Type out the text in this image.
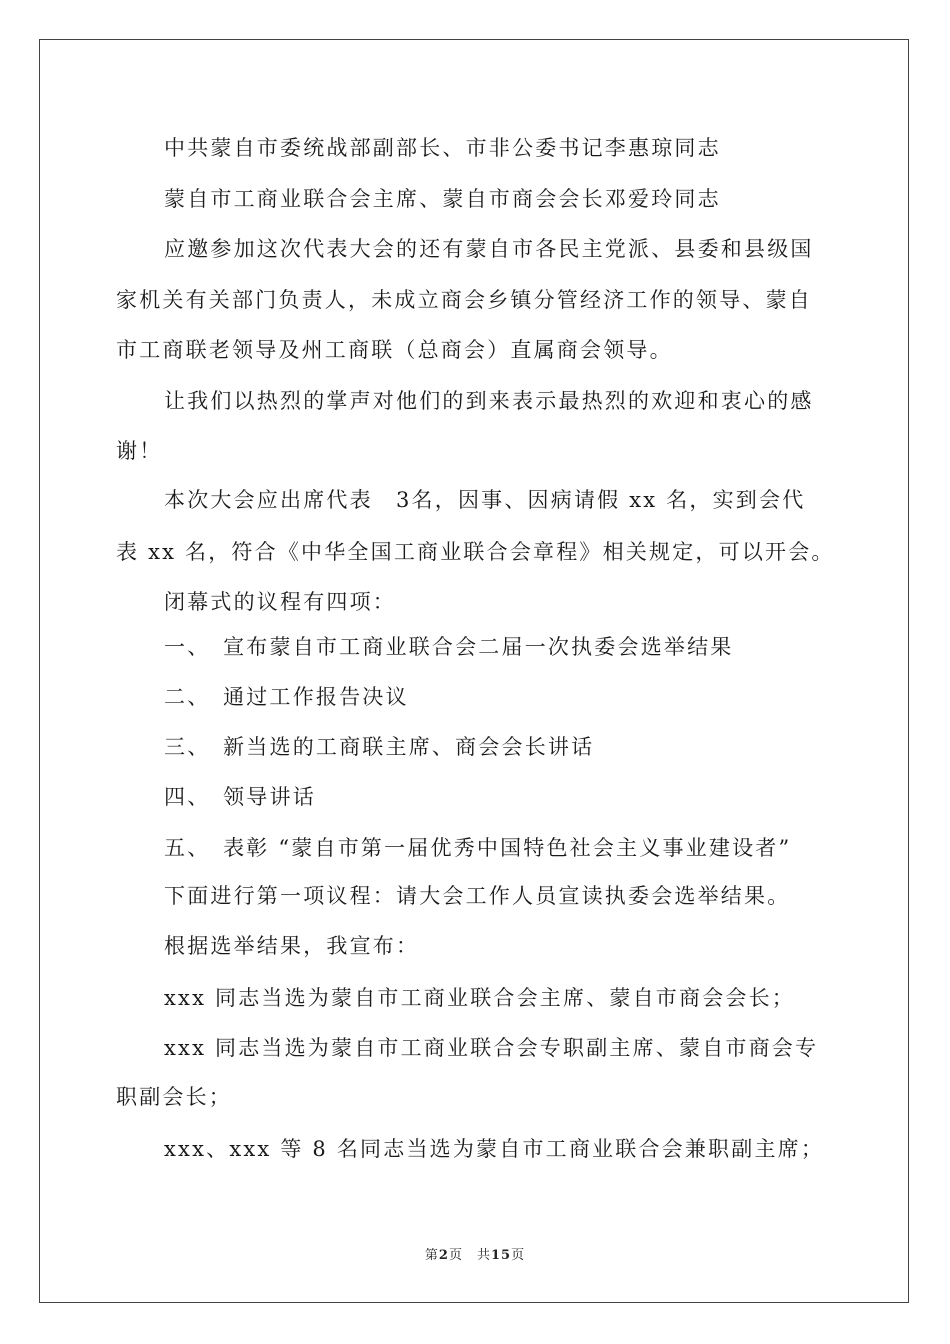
中共蒙自市委统战部副部长、市非公委书记李惠琼同志
蒙自市工商业联合会主席、蒙自市商会会长邓爱玲同志
应邀参加这次代表大会的还有蒙自市各民主党派、县委和县级国
家机关有关部门负责人，未成立商会乡镇分管经济工作的领导、蒙自
市工商联老领导及州工商联（总商会）直属商会领导。
让我们以热烈的掌声对他们的到来表示最热烈的欢迎和衷心的感
谢！
本次大会应出席代表　3名，因事、因病请假 xx 名，实到会代
表 xx 名，符合《中华全国工商业联合会章程》相关规定，可以开会。
闭幕式的议程有四项：
一、　宣布蒙自市工商业联合会二届一次执委会选举结果
二、　通过工作报告决议
三、　新当选的工商联主席、商会会长讲话
四、　领导讲话
五、　表彰 “蒙自市第一届优秀中国特色社会主义事业建设者”
下面进行第一项议程：请大会工作人员宣读执委会选举结果。
根据选举结果，我宣布：
xxx 同志当选为蒙自市工商业联合会主席、蒙自市商会会长；
xxx 同志当选为蒙自市工商业联合会专职副主席、蒙自市商会专
职副会长；
xxx、xxx 等 8 名同志当选为蒙自市工商业联合会兼职副主席；
第2页　共15页
